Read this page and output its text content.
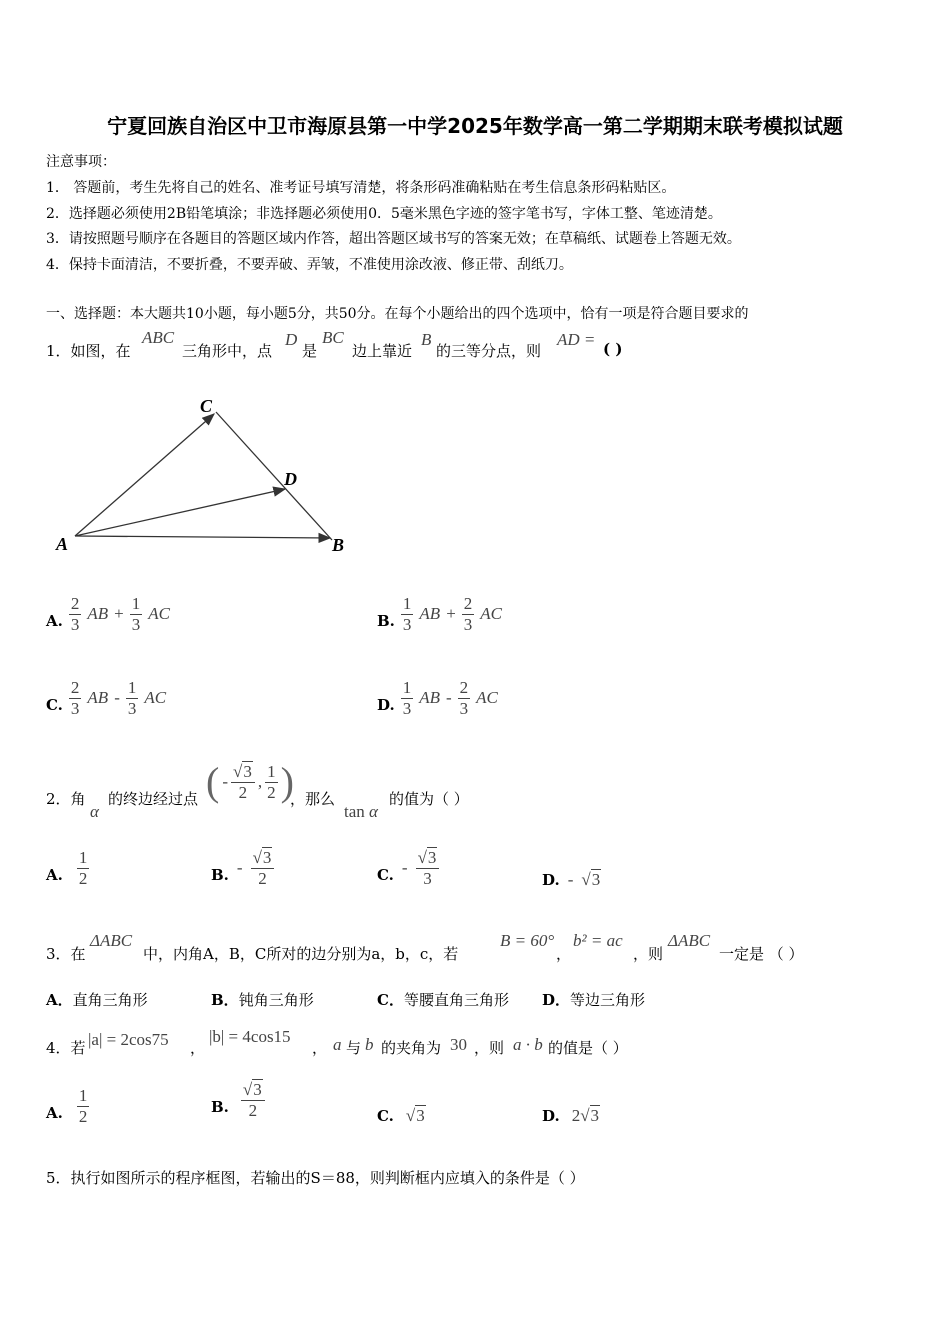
宁夏回族自治区中卫市海原县第一中学2025年数学高一第二学期期末联考模拟试题
注意事项：
1． 答题前，考生先将自己的姓名、准考证号填写清楚，将条形码准确粘贴在考生信息条形码粘贴区。
2．选择题必须使用2B铅笔填涂；非选择题必须使用0．5毫米黑色字迹的签字笔书写，字体工整、笔迹清楚。
3．请按照题号顺序在各题目的答题区域内作答，超出答题区域书写的答案无效；在草稿纸、试题卷上答题无效。
4．保持卡面清洁，不要折叠，不要弄破、弄皱，不准使用涂改液、修正带、刮纸刀。
一、选择题：本大题共10小题，每小题5分，共50分。在每个小题给出的四个选项中，恰有一项是符合题目要求的
1．如图，在
ABC
三角形中，点
D
是
BC
边上靠近
B
的三等分点，则
AD = ( )
A
C
D
B
A. $\frac{2}{3}$ AB + $\frac{1}{3}$ AC	B. $\frac{1}{3}$ AB + $\frac{2}{3}$ AC
C. $\frac{2}{3}$ AB - $\frac{1}{3}$ AC	D. $\frac{1}{3}$ AB - $\frac{2}{3}$ AC
2．角
α
的终边经过点 ( - $\frac{√3}{2}$ , $\frac{1}{2}$ )
，那么
tan α
的值为（ ）
A. $\frac{1}{2}$	B. - $\frac{√3}{2}$	C. - $\frac{√3}{3}$	D. - √3
3．在
ΔABC
中，内角A，B，C所对的边分别为a，b，c，若
B = 60°
，
b² = ac
，则
ΔABC
一定是 （ ）
A．直角三角形	B．钝角三角形	C．等腰直角三角形 D．等边三角形
4．若 |a| = 2cos75 ，
|b| = 4cos15
， a 与 b 的夹角为 30 ，则 a · b 的值是（ ）
A. $\frac{1}{2}$	B. $\frac{√3}{2}$	C. √3	D. 2√3
5．执行如图所示的程序框图，若输出的S＝88，则判断框内应填入的条件是（ ）
